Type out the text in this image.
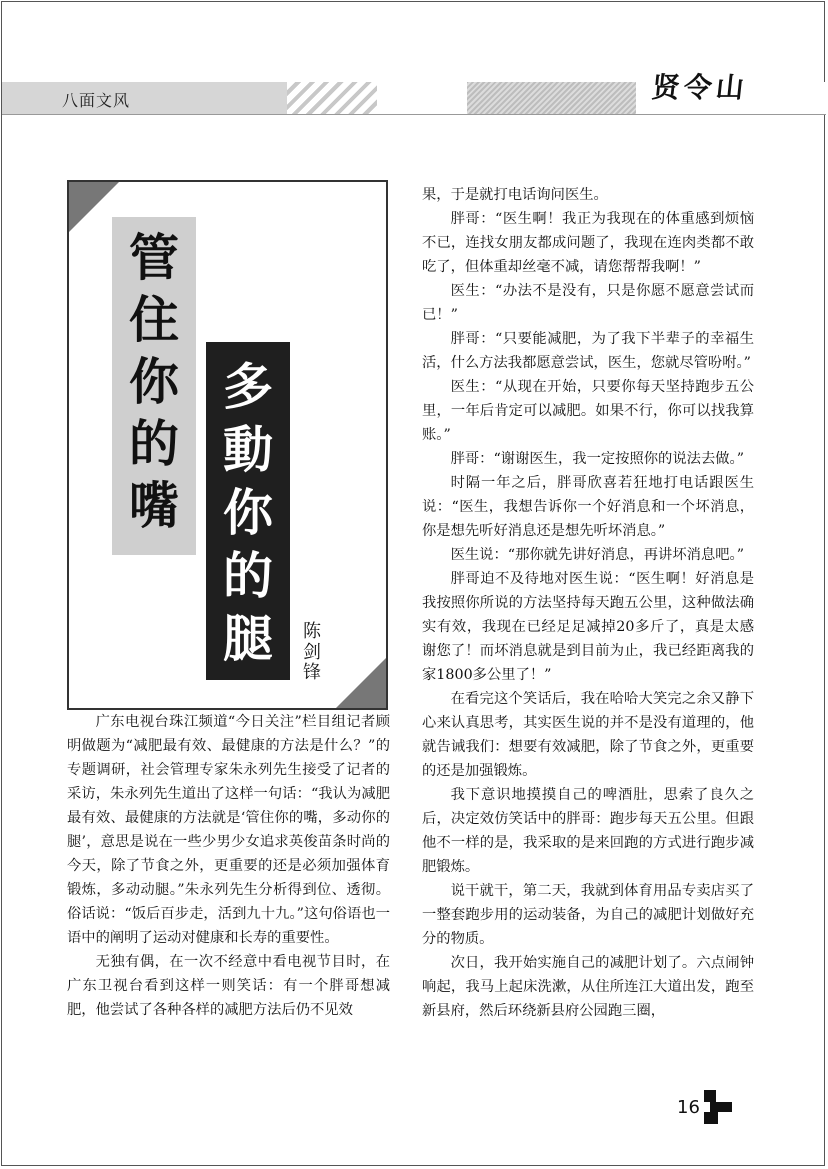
八面文风	贤令山
管
住
你
的
嘴
多
動
你
的
腿	陈
剑
锋

广东电视台珠江频道“今日关注”栏目组记者顾明做题为“减肥最有效、最健康的方法是什么？”的专题调研，社会管理专家朱永列先生接受了记者的采访，朱永列先生道出了这样一句话：“我认为减肥最有效、最健康的方法就是‘管住你的嘴，多动你的腿’，意思是说在一些少男少女追求英俊苗条时尚的今天，除了节食之外，更重要的还是必须加强体育锻炼，多动动腿。”朱永列先生分析得到位、透彻。俗话说：“饭后百步走，活到九十九。”这句俗语也一语中的阐明了运动对健康和长寿的重要性。

无独有偶，在一次不经意中看电视节目时，在广东卫视台看到这样一则笑话：有一个胖哥想减肥，他尝试了各种各样的减肥方法后仍不见效

果，于是就打电话询问医生。

胖哥：“医生啊！我正为我现在的体重感到烦恼不已，连找女朋友都成问题了，我现在连肉类都不敢吃了，但体重却丝毫不减，请您帮帮我啊！”

医生：“办法不是没有，只是你愿不愿意尝试而已！”

胖哥：“只要能减肥，为了我下半辈子的幸福生活，什么方法我都愿意尝试，医生，您就尽管吩咐。”

医生：“从现在开始，只要你每天坚持跑步五公里，一年后肯定可以减肥。如果不行，你可以找我算账。”

胖哥：“谢谢医生，我一定按照你的说法去做。”

时隔一年之后，胖哥欣喜若狂地打电话跟医生说：“医生，我想告诉你一个好消息和一个坏消息，你是想先听好消息还是想先听坏消息。”

医生说：“那你就先讲好消息，再讲坏消息吧。”

胖哥迫不及待地对医生说：“医生啊！好消息是我按照你所说的方法坚持每天跑五公里，这种做法确实有效，我现在已经足足减掉20多斤了，真是太感谢您了！而坏消息就是到目前为止，我已经距离我的家1800多公里了！”

在看完这个笑话后，我在哈哈大笑完之余又静下心来认真思考，其实医生说的并不是没有道理的，他就告诫我们：想要有效减肥，除了节食之外，更重要的还是加强锻炼。

我下意识地摸摸自己的啤酒肚，思索了良久之后，决定效仿笑话中的胖哥：跑步每天五公里。但跟他不一样的是，我采取的是来回跑的方式进行跑步减肥锻炼。

说干就干，第二天，我就到体育用品专卖店买了一整套跑步用的运动装备，为自己的减肥计划做好充分的物质。

次日，我开始实施自己的减肥计划了。六点闹钟响起，我马上起床洗漱，从住所连江大道出发，跑至新县府，然后环绕新县府公园跑三圈，

16
